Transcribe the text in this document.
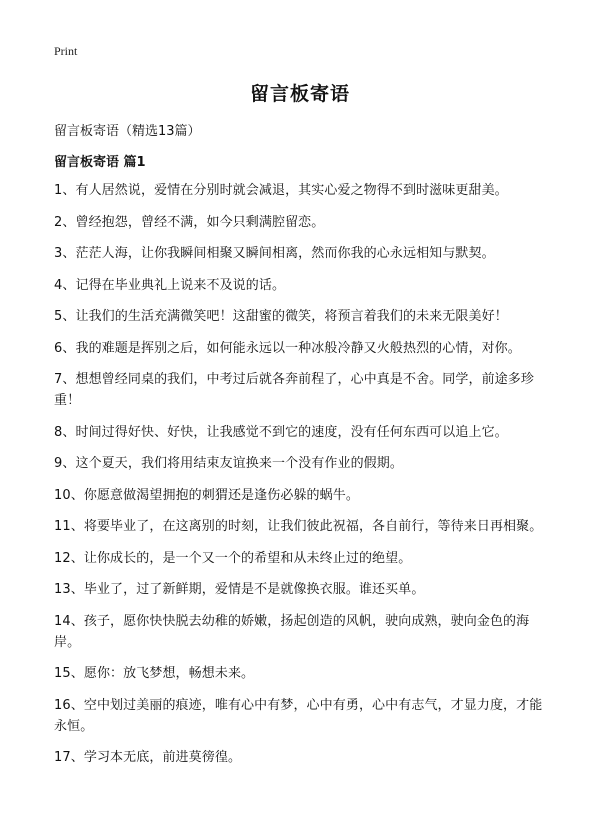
Print
留言板寄语
留言板寄语（精选13篇）
留言板寄语 篇1
1、有人居然说，爱情在分别时就会减退，其实心爱之物得不到时滋味更甜美。
2、曾经抱怨，曾经不满，如今只剩满腔留恋。
3、茫茫人海，让你我瞬间相聚又瞬间相离，然而你我的心永远相知与默契。
4、记得在毕业典礼上说来不及说的话。
5、让我们的生活充满微笑吧！这甜蜜的微笑，将预言着我们的未来无限美好！
6、我的难题是挥别之后，如何能永远以一种冰般冷静又火般热烈的心情，对你。
7、想想曾经同桌的我们，中考过后就各奔前程了，心中真是不舍。同学，前途多珍重！
8、时间过得好快、好快，让我感觉不到它的速度，没有任何东西可以追上它。
9、这个夏天，我们将用结束友谊换来一个没有作业的假期。
10、你愿意做渴望拥抱的刺猬还是逢伤必躲的蜗牛。
11、将要毕业了，在这离别的时刻，让我们彼此祝福，各自前行，等待来日再相聚。
12、让你成长的，是一个又一个的希望和从未终止过的绝望。
13、毕业了，过了新鲜期，爱情是不是就像换衣服。谁还买单。
14、孩子，愿你快快脱去幼稚的娇嫩，扬起创造的风帆，驶向成熟，驶向金色的海岸。
15、愿你：放飞梦想，畅想未来。
16、空中划过美丽的痕迹，唯有心中有梦，心中有勇，心中有志气，才显力度，才能永恒。
17、学习本无底，前进莫徬徨。
